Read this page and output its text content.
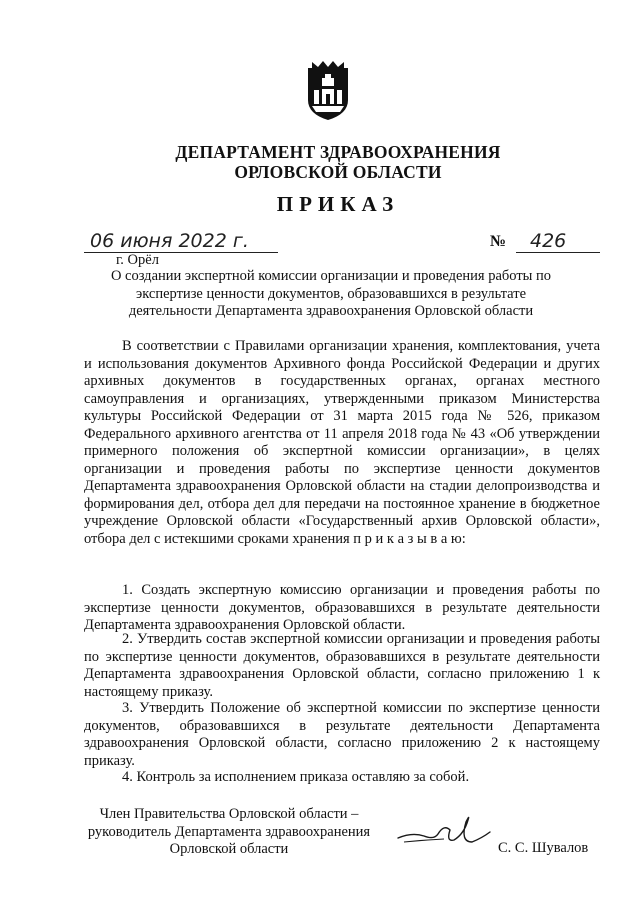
ДЕПАРТАМЕНТ ЗДРАВООХРАНЕНИЯ
ОРЛОВСКОЙ ОБЛАСТИ
ПРИКАЗ
06 июня 2022 г.	№	426
г. Орёл
О создании экспертной комиссии организации и проведения работы по экспертизе ценности документов, образовавшихся в результате деятельности Департамента здравоохранения Орловской области

В соответствии с Правилами организации хранения, комплектования, учета и использования документов Архивного фонда Российской Федерации и других архивных документов в государственных органах, органах местного самоуправления и организациях, утвержденными приказом Министерства культуры Российской Федерации от 31 марта 2015 года № 526, приказом Федерального архивного агентства от 11 апреля 2018 года № 43 «Об утверждении примерного положения об экспертной комиссии организации», в целях организации и проведения работы по экспертизе ценности документов Департамента здравоохранения Орловской области на стадии делопроизводства и формирования дел, отбора дел для передачи на постоянное хранение в бюджетное учреждение Орловской области «Государственный архив Орловской области», отбора дел с истекшими сроками хранения п р и к а з ы в а ю:

1. Создать экспертную комиссию организации и проведения работы по экспертизе ценности документов, образовавшихся в результате деятельности Департамента здравоохранения Орловской области.

2. Утвердить состав экспертной комиссии организации и проведения работы по экспертизе ценности документов, образовавшихся в результате деятельности Департамента здравоохранения Орловской области, согласно приложению 1 к настоящему приказу.

3. Утвердить Положение об экспертной комиссии по экспертизе ценности документов, образовавшихся в результате деятельности Департамента здравоохранения Орловской области, согласно приложению 2 к настоящему приказу.

4. Контроль за исполнением приказа оставляю за собой.

Член Правительства Орловской области –
руководитель Департамента здравоохранения
Орловской области	С. С. Шувалов
